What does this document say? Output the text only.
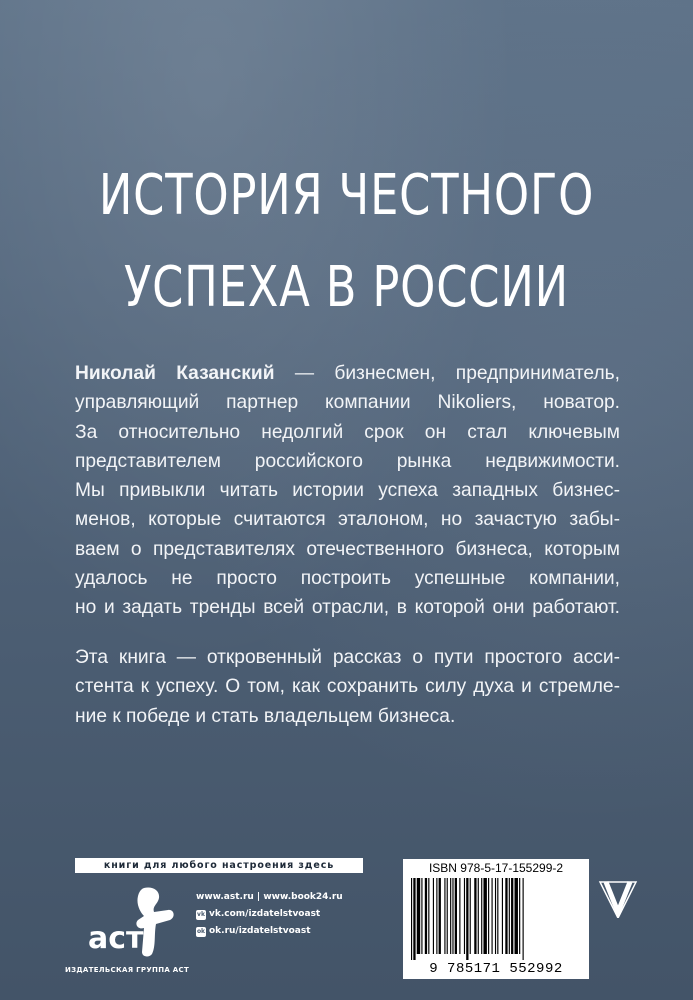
ИСТОРИЯ ЧЕСТНОГО
УСПЕХА В РОССИИ
Николай Казанский — бизнесмен, предприниматель,
управляющий партнер компании Nikoliers, новатор.
За относительно недолгий срок он стал ключевым
представителем российского рынка недвижимости.
Мы привыкли читать истории успеха западных бизнес-
менов, которые считаются эталоном, но зачастую забы-
ваем о представителях отечественного бизнеса, которым
удалось не просто построить успешные компании,
но и задать тренды всей отрасли, в которой они работают.
Эта книга — откровенный рассказ о пути простого асси-
стента к успеху. О том, как сохранить силу духа и стремле-
ние к победе и стать владельцем бизнеса.
книги для любого настроения здесь
аст
ИЗДАТЕЛЬСКАЯ ГРУППА АСТ
www.ast.ru | www.book24.ru
vk vk.com/izdatelstvoast
ok ok.ru/izdatelstvoast
ISBN 978-5-17-155299-2
9 785171 552992
